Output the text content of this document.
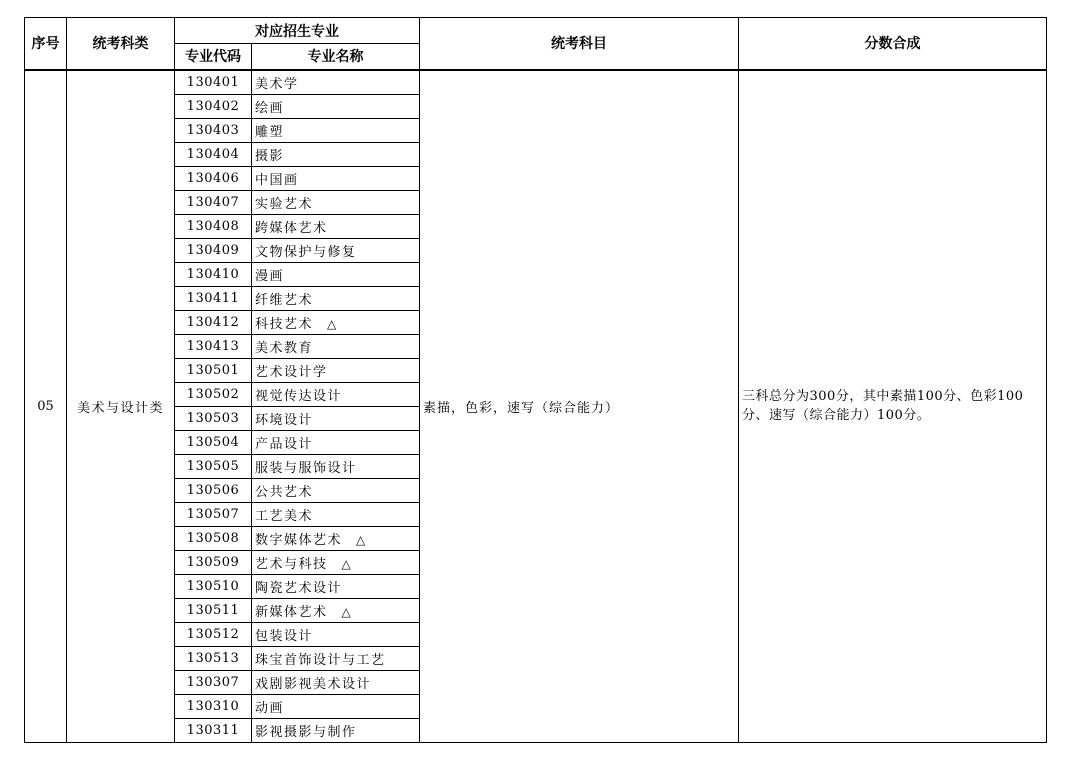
序号	统考科类	对应招生专业		统考科目	分数合成
		专业代码	专业名称		
05	美术与设计类	130401	美术学	素描，色彩，速写（综合能力）	三科总分为300分，其中素描100分、色彩100分、速写（综合能力）100分。
		130402	绘画		
		130403	雕塑		
		130404	摄影		
		130406	中国画		
		130407	实验艺术		
		130408	跨媒体艺术		
		130409	文物保护与修复		
		130410	漫画		
		130411	纤维艺术		
		130412	科技艺术 △		
		130413	美术教育		
		130501	艺术设计学		
		130502	视觉传达设计		
		130503	环境设计		
		130504	产品设计		
		130505	服装与服饰设计		
		130506	公共艺术		
		130507	工艺美术		
		130508	数字媒体艺术 △		
		130509	艺术与科技 △		
		130510	陶瓷艺术设计		
		130511	新媒体艺术 △		
		130512	包装设计		
		130513	珠宝首饰设计与工艺		
		130307	戏剧影视美术设计		
		130310	动画		
		130311	影视摄影与制作		
